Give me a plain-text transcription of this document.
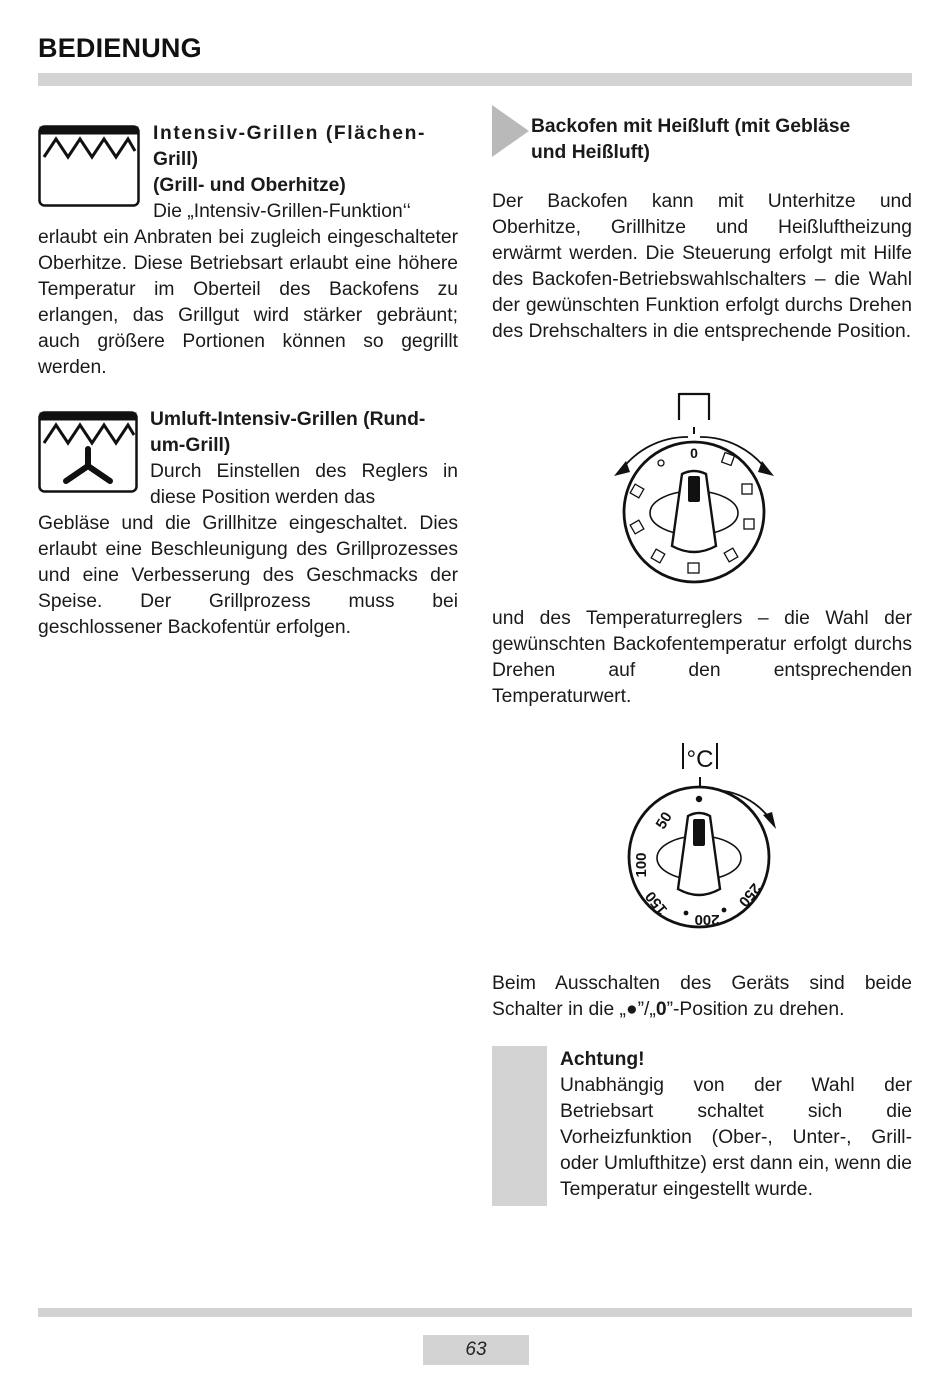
BEDIENUNG
Intensiv-Grillen (Flächen-
Grill)
(Grill- und Oberhitze)

Die „Intensiv-Grillen-Funktion‘‘

erlaubt ein Anbraten bei zugleich eingeschalteter Oberhitze. Diese Betriebsart erlaubt eine höhere Temperatur im Oberteil des Backofens zu erlangen, das Grillgut wird stärker gebräunt; auch größere Portionen können so gegrillt werden.

Umluft-Intensiv-Grillen (Rund-
um-Grill)

Durch Einstellen des Reglers in diese Position werden das

Gebläse und die Grillhitze eingeschaltet. Dies erlaubt eine Beschleunigung des Grillprozesses und eine Verbesserung des Geschmacks der Speise. Der Grillprozess muss bei geschlossener Backofentür erfolgen.

Backofen mit Heißluft (mit Gebläse
und Heißluft)

Der Backofen kann mit Unterhitze und Oberhitze, Grillhitze und Heißluftheizung erwärmt werden. Die Steuerung erfolgt mit Hilfe des Backofen-Betriebswahlschalters – die Wahl der gewünschten Funktion erfolgt durchs Drehen des Drehschalters in die entsprechende Position.

0

und des Temperaturreglers – die Wahl der gewünschten Backofentemperatur erfolgt durchs Drehen auf den entsprechenden Temperaturwert.

°C
50
100
150
200
250

Beim Ausschalten des Geräts sind beide Schalter in die „●”/„0”-Position zu drehen.

Achtung!

Unabhängig von der Wahl der Betriebsart schaltet sich die Vorheizfunktion (Ober-, Unter-, Grill- oder Umlufthitze) erst dann ein, wenn die Temperatur eingestellt wurde.

63
